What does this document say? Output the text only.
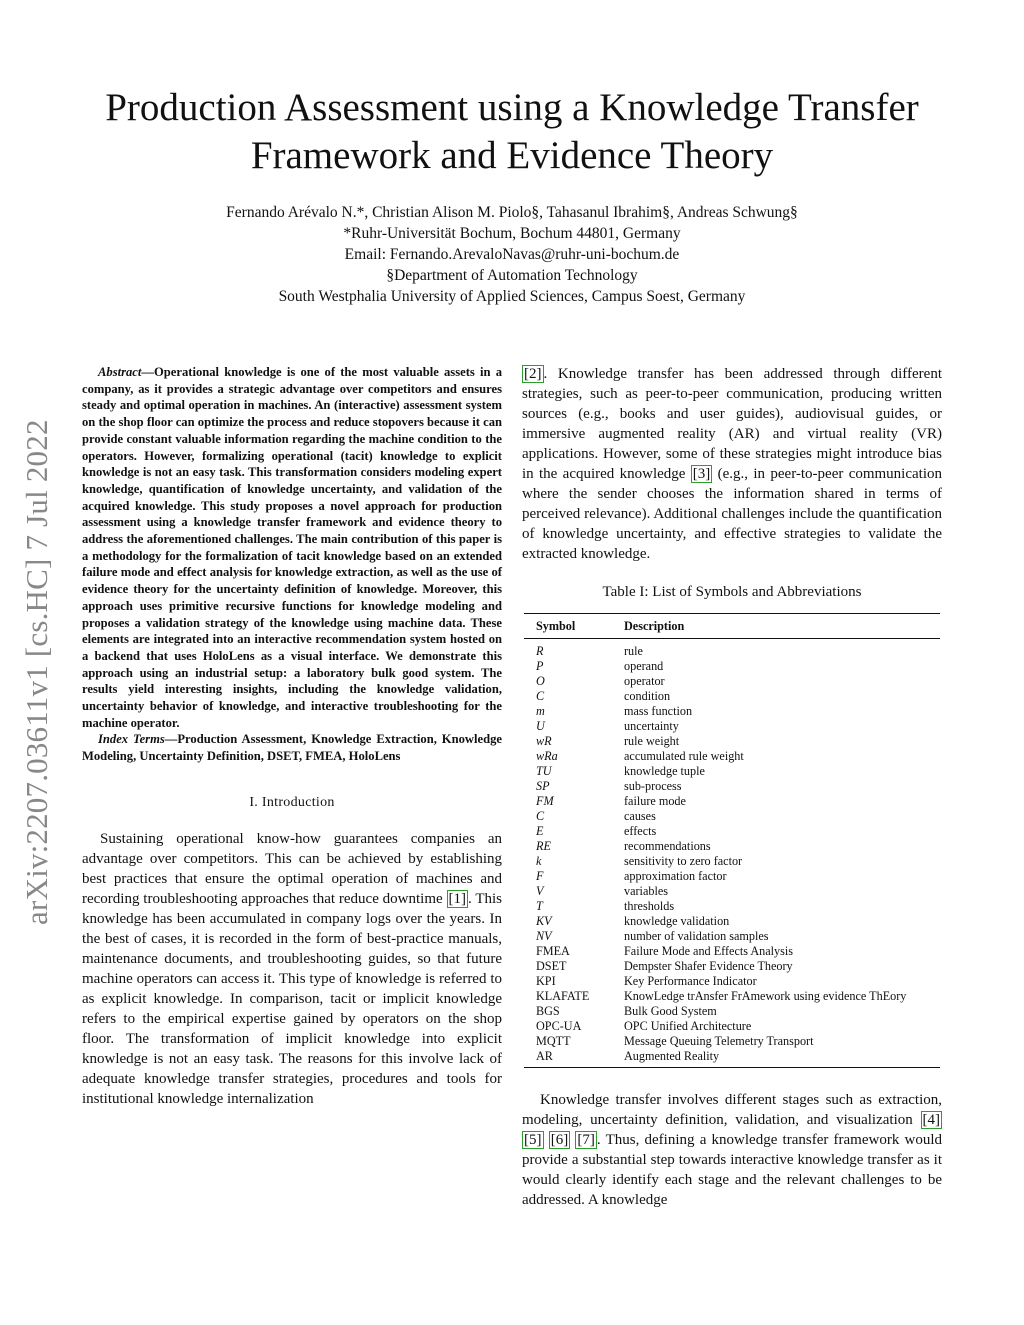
Production Assessment using a Knowledge Transfer
Framework and Evidence Theory
Fernando Arévalo N.*, Christian Alison M. Piolo§, Tahasanul Ibrahim§, Andreas Schwung§
*Ruhr-Universität Bochum, Bochum 44801, Germany
Email: Fernando.ArevaloNavas@ruhr-uni-bochum.de
§Department of Automation Technology
South Westphalia University of Applied Sciences, Campus Soest, Germany
arXiv:2207.03611v1 [cs.HC] 7 Jul 2022

Abstract—Operational knowledge is one of the most valuable assets in a company, as it provides a strategic advantage over competitors and ensures steady and optimal operation in machines. An (interactive) assessment system on the shop floor can optimize the process and reduce stopovers because it can provide constant valuable information regarding the machine condition to the operators. However, formalizing operational (tacit) knowledge to explicit knowledge is not an easy task. This transformation considers modeling expert knowledge, quantification of knowledge uncertainty, and validation of the acquired knowledge. This study proposes a novel approach for production assessment using a knowledge transfer framework and evidence theory to address the aforementioned challenges. The main contribution of this paper is a methodology for the formalization of tacit knowledge based on an extended failure mode and effect analysis for knowledge extraction, as well as the use of evidence theory for the uncertainty definition of knowledge. Moreover, this approach uses primitive recursive functions for knowledge modeling and proposes a validation strategy of the knowledge using machine data. These elements are integrated into an interactive recommendation system hosted on a backend that uses HoloLens as a visual interface. We demonstrate this approach using an industrial setup: a laboratory bulk good system. The results yield interesting insights, including the knowledge validation, uncertainty behavior of knowledge, and interactive troubleshooting for the machine operator.

Index Terms—Production Assessment, Knowledge Extraction, Knowledge Modeling, Uncertainty Definition, DSET, FMEA, HoloLens

I. Introduction

Sustaining operational know-how guarantees companies an advantage over competitors. This can be achieved by establishing best practices that ensure the optimal operation of machines and recording troubleshooting approaches that reduce downtime [1] . This knowledge has been accumulated in company logs over the years. In the best of cases, it is recorded in the form of best-practice manuals, maintenance documents, and troubleshooting guides, so that future machine operators can access it. This type of knowledge is referred to as explicit knowledge. In comparison, tacit or implicit knowledge refers to the empirical expertise gained by operators on the shop floor. The transformation of implicit knowledge into explicit knowledge is not an easy task. The reasons for this involve lack of adequate knowledge transfer strategies, procedures and tools for institutional knowledge internalization

[2] . Knowledge transfer has been addressed through different strategies, such as peer-to-peer communication, producing written sources (e.g., books and user guides), audiovisual guides, or immersive augmented reality (AR) and virtual reality (VR) applications. However, some of these strategies might introduce bias in the acquired knowledge [3] (e.g., in peer-to-peer communication where the sender chooses the information shared in terms of perceived relevance). Additional challenges include the quantification of knowledge uncertainty, and effective strategies to validate the extracted knowledge.

Table I: List of Symbols and Abbreviations
Symbol	Description
R	rule
P	operand
O	operator
C	condition
m	mass function
U	uncertainty
wR	rule weight
wRa	accumulated rule weight
TU	knowledge tuple
SP	sub-process
FM	failure mode
C	causes
E	effects
RE	recommendations
k	sensitivity to zero factor
F	approximation factor
V	variables
T	thresholds
KV	knowledge validation
NV	number of validation samples
FMEA	Failure Mode and Effects Analysis
DSET	Dempster Shafer Evidence Theory
KPI	Key Performance Indicator
KLAFATE	KnowLedge trAnsfer FrAmework using evidence ThEory
BGS	Bulk Good System
OPC-UA	OPC Unified Architecture
MQTT	Message Queuing Telemetry Transport
AR	Augmented Reality

Knowledge transfer involves different stages such as extraction, modeling, uncertainty definition, validation, and visualization [4] [5] [6] [7] . Thus, defining a knowledge transfer framework would provide a substantial step towards interactive knowledge transfer as it would clearly identify each stage and the relevant challenges to be addressed. A knowledge
